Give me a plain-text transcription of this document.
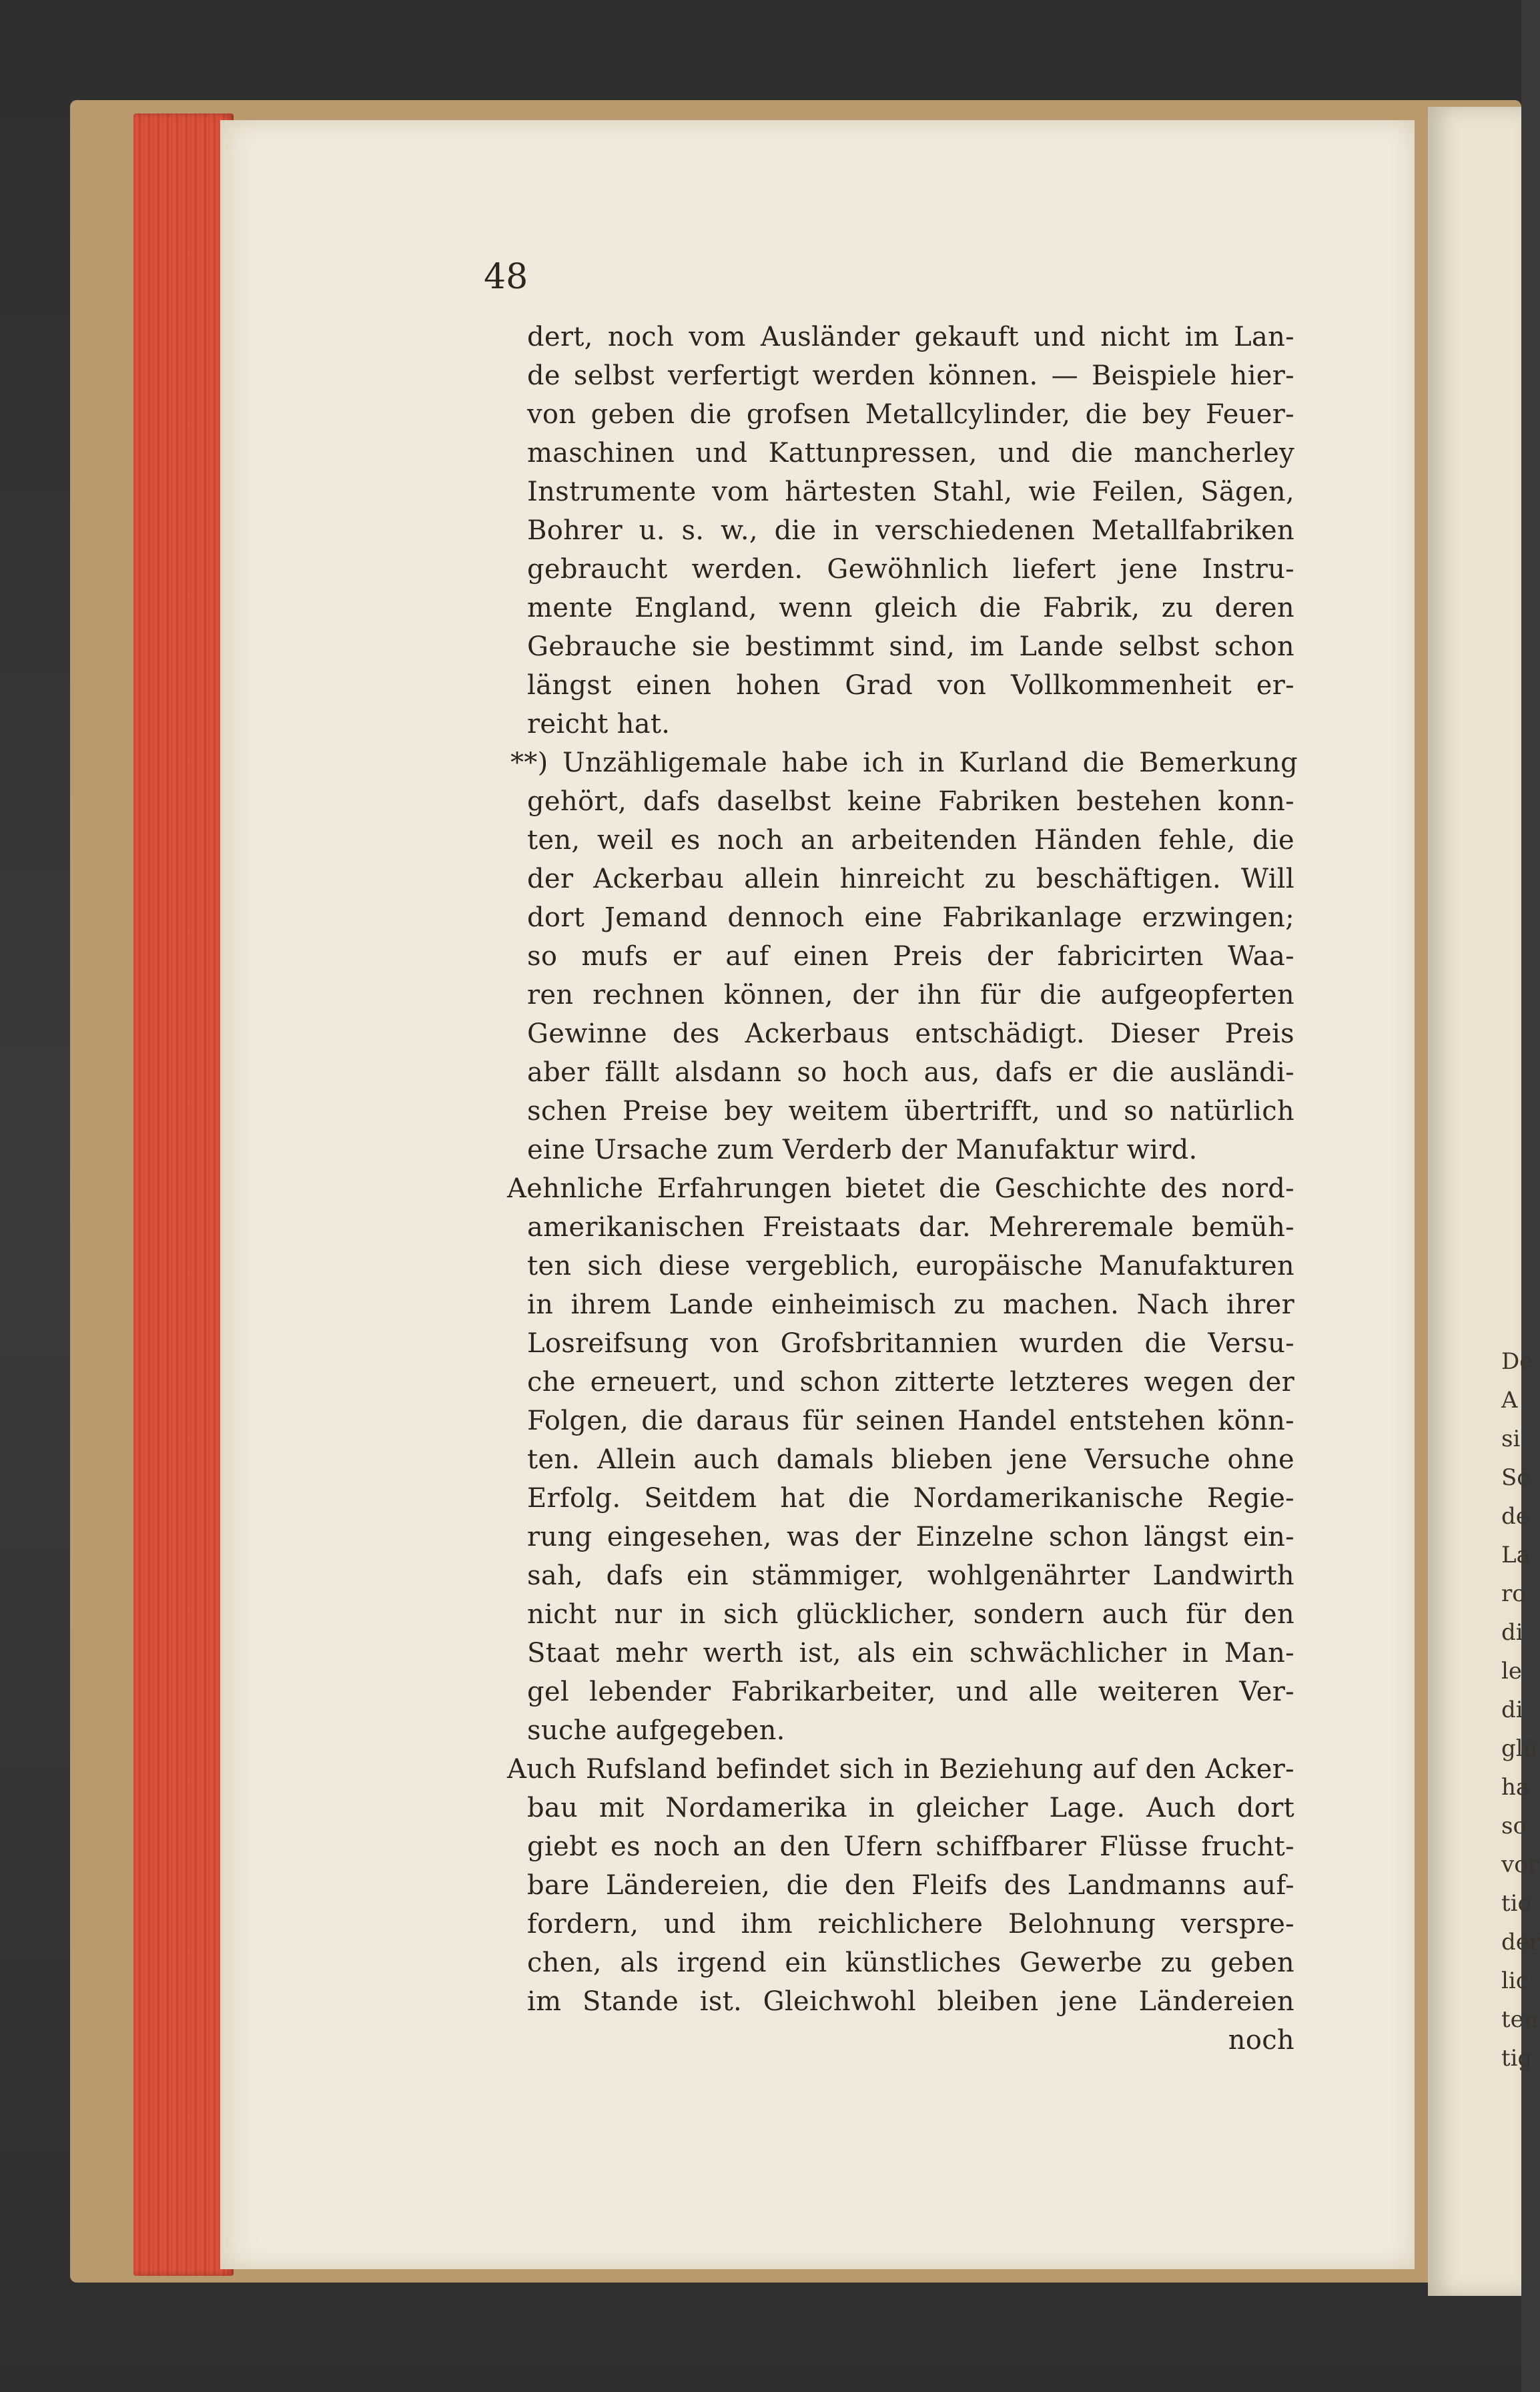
De
A
si
Sc
de
La
ro
di
le
di
glü
ha
so
vor
tio
der
lic
ten
tig
48
dert, noch vom Ausländer gekauft und nicht im Lan-
de selbst verfertigt werden können. — Beispiele hier-
von geben die grofsen Metallcylinder, die bey Feuer-
maschinen und Kattunpressen, und die mancherley
Instrumente vom härtesten Stahl, wie Feilen, Sägen,
Bohrer u. s. w., die in verschiedenen Metallfabriken
gebraucht werden. Gewöhnlich liefert jene Instru-
mente England, wenn gleich die Fabrik, zu deren
Gebrauche sie bestimmt sind, im Lande selbst schon
längst einen hohen Grad von Vollkommenheit er-
reicht hat.
**) Unzähligemale habe ich in Kurland die Bemerkung
gehört, dafs daselbst keine Fabriken bestehen konn-
ten, weil es noch an arbeitenden Händen fehle, die
der Ackerbau allein hinreicht zu beschäftigen. Will
dort Jemand dennoch eine Fabrikanlage erzwingen;
so mufs er auf einen Preis der fabricirten Waa-
ren rechnen können, der ihn für die aufgeopferten
Gewinne des Ackerbaus entschädigt. Dieser Preis
aber fällt alsdann so hoch aus, dafs er die ausländi-
schen Preise bey weitem übertrifft, und so natürlich
eine Ursache zum Verderb der Manufaktur wird.
Aehnliche Erfahrungen bietet die Geschichte des nord-
amerikanischen Freistaats dar. Mehreremale bemüh-
ten sich diese vergeblich, europäische Manufakturen
in ihrem Lande einheimisch zu machen. Nach ihrer
Losreifsung von Grofsbritannien wurden die Versu-
che erneuert, und schon zitterte letzteres wegen der
Folgen, die daraus für seinen Handel entstehen könn-
ten. Allein auch damals blieben jene Versuche ohne
Erfolg. Seitdem hat die Nordamerikanische Regie-
rung eingesehen, was der Einzelne schon längst ein-
sah, dafs ein stämmiger, wohlgenährter Landwirth
nicht nur in sich glücklicher, sondern auch für den
Staat mehr werth ist, als ein schwächlicher in Man-
gel lebender Fabrikarbeiter, und alle weiteren Ver-
suche aufgegeben.
Auch Rufsland befindet sich in Beziehung auf den Acker-
bau mit Nordamerika in gleicher Lage. Auch dort
giebt es noch an den Ufern schiffbarer Flüsse frucht-
bare Ländereien, die den Fleifs des Landmanns auf-
fordern, und ihm reichlichere Belohnung verspre-
chen, als irgend ein künstliches Gewerbe zu geben
im Stande ist. Gleichwohl bleiben jene Ländereien
noch
